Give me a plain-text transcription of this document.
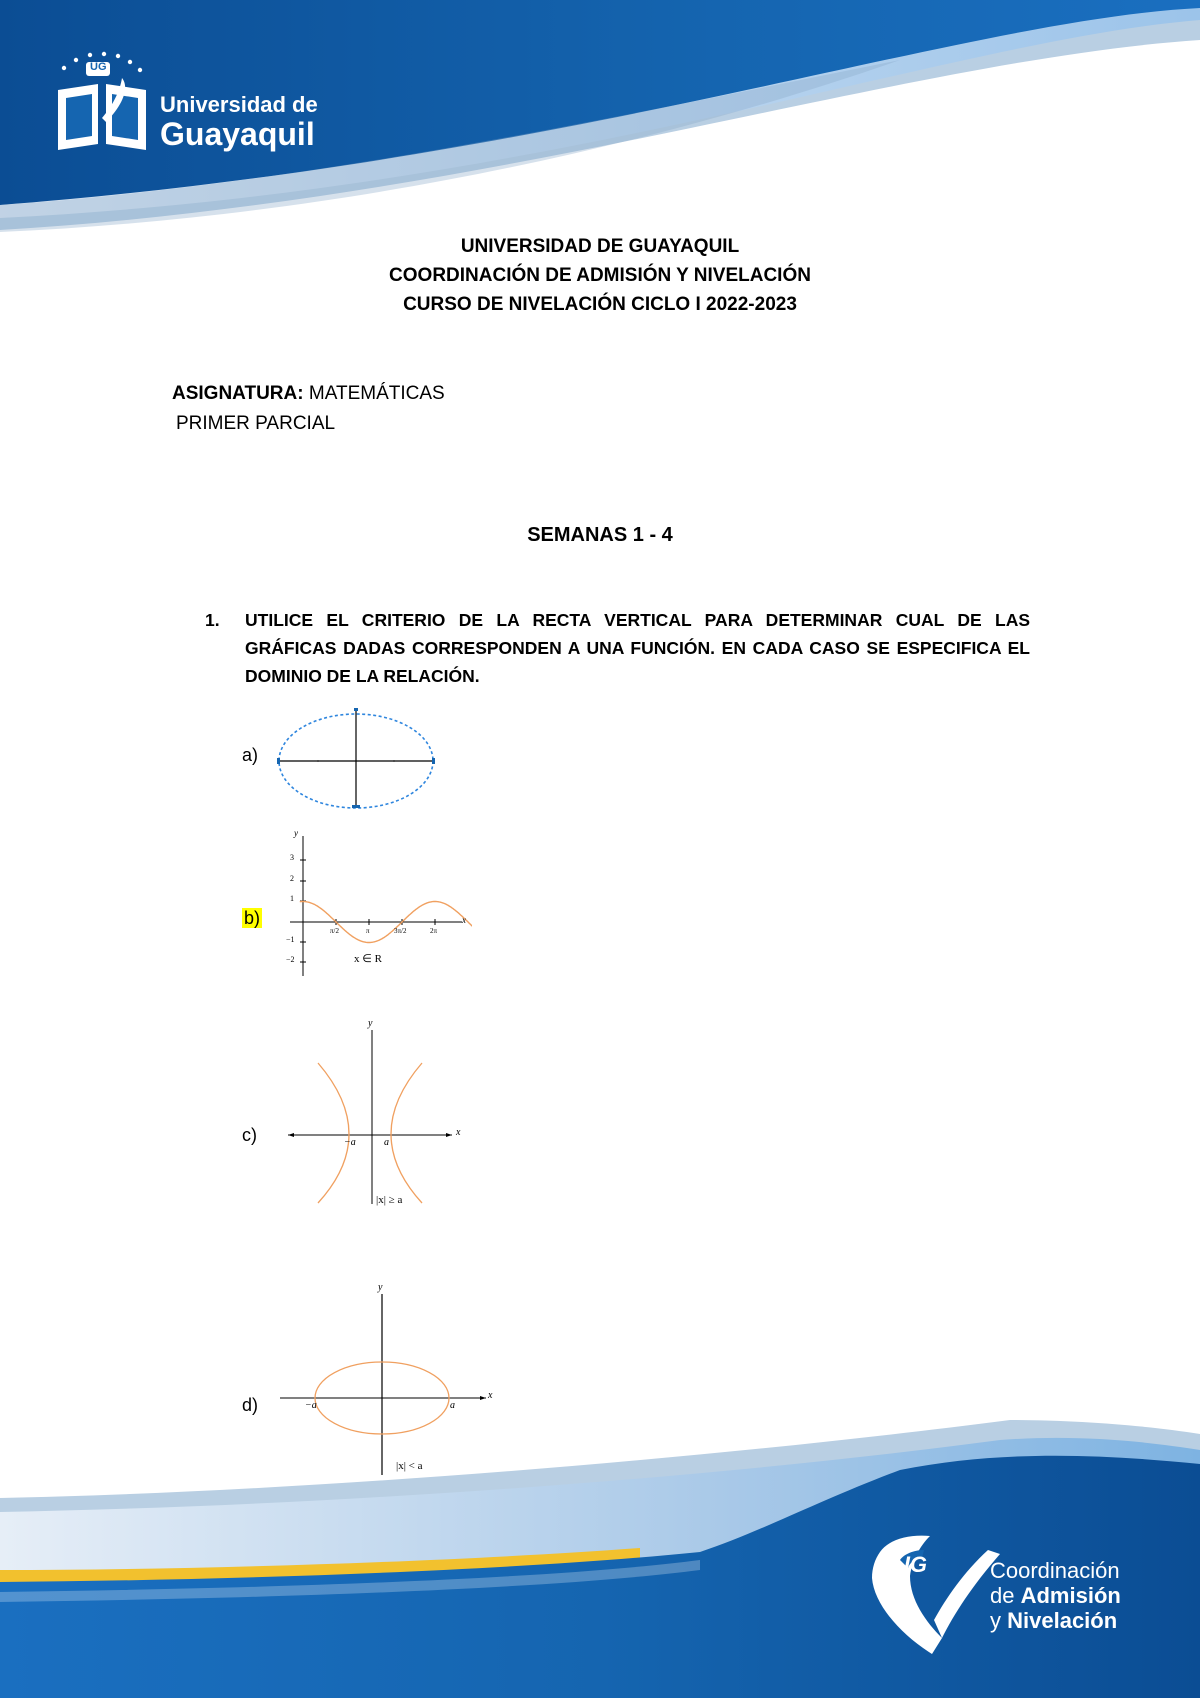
UG
Universidad de
Guayaquil
UNIVERSIDAD DE GUAYAQUIL
COORDINACIÓN DE ADMISIÓN Y NIVELACIÓN
CURSO DE NIVELACIÓN CICLO I 2022-2023
ASIGNATURA: MATEMÁTICAS
PRIMER PARCIAL
SEMANAS 1 - 4
1. UTILICE EL CRITERIO DE LA RECTA VERTICAL PARA DETERMINAR CUAL DE LAS GRÁFICAS DADAS CORRESPONDEN A UNA FUNCIÓN. EN CADA CASO SE ESPECIFICA EL DOMINIO DE LA RELACIÓN.
a)
b)
y
x
3
2
1
−1
−2
π/2	π	3π/2	2π
x ∈ R
c)
y
x
−a	a
|x| ≥ a
d)
y
x
−a	a
|x| < a
UG	Coordinación
de Admisión
y Nivelación
